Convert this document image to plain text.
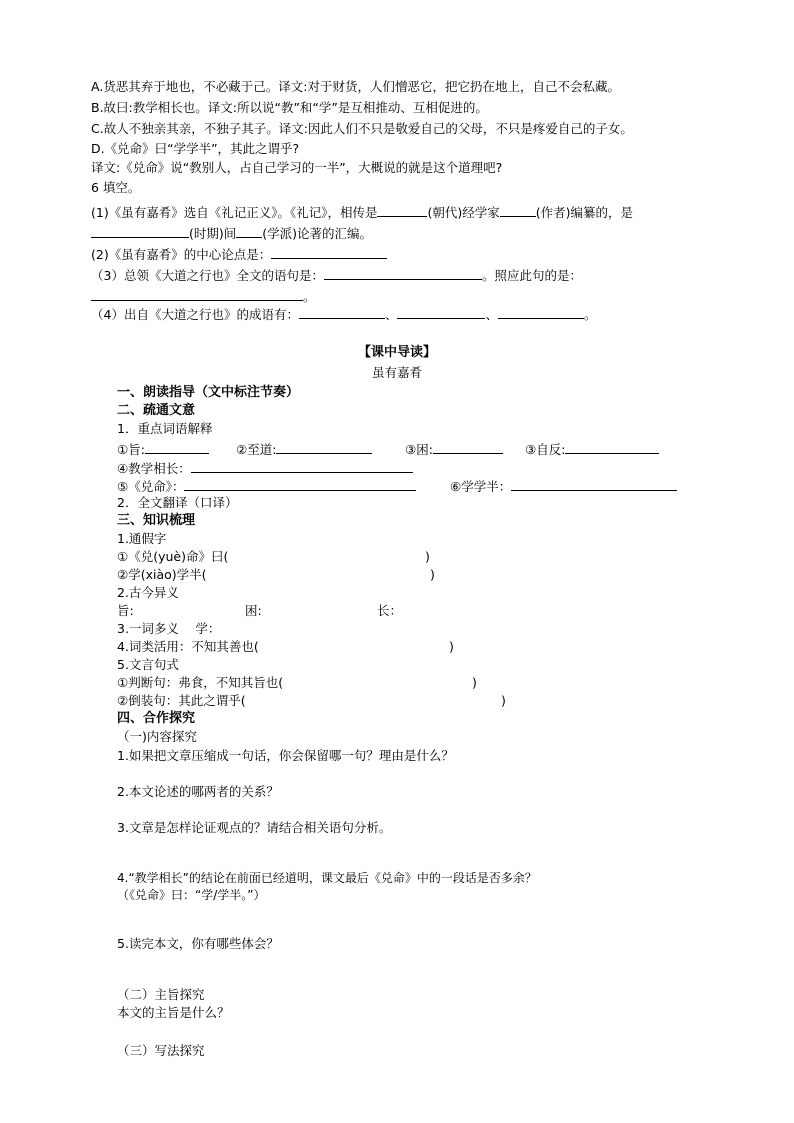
A.货恶其弃于地也，不必藏于己。译文:对于财货，人们憎恶它，把它扔在地上，自己不会私藏。
B.故曰:教学相长也。译文:所以说“教”和“学”是互相推动、互相促进的。
C.故人不独亲其亲，不独子其子。译文:因此人们不只是敬爱自己的父母，不只是疼爱自己的子女。
D.《兑命》曰“学学半”，其此之谓乎?
译文:《兑命》说“教别人，占自己学习的一半”，大概说的就是这个道理吧?
6 填空。
(1)《虽有嘉肴》选自《礼记正义》。《礼记》，相传是	(朝代)经学家	(作者)编纂的，是
(时期)间 (学派)论著的汇编。
(2)《虽有嘉肴》的中心论点是：
（3）总领《大道之行也》全文的语句是：	。照应此句的是：
。
（4）出自《大道之行也》的成语有：	、	、	。
【课中导读】
虽有嘉肴
一、朗读指导（文中标注节奏）
二、疏通文意
1．重点词语解释
①旨:	②至道:	③困:	③自反:
④教学相长：
⑤《兑命》：	⑥学学半：
2．全文翻译（口译）
三、知识梳理
1.通假字
①《兑(yuè)命》曰(	)
②学(xiào)学半(	)
2.古今异义
旨:	困:	长：
3.一词多义　 学：
4.词类活用：不知其善也(	)
5.文言句式
①判断句：弗食，不知其旨也(	)
②倒装句：其此之谓乎(	)
四、合作探究
（一)内容探究
1.如果把文章压缩成一句话，你会保留哪一句？理由是什么？
2.本文论述的哪两者的关系？
3.文章是怎样论证观点的？请结合相关语句分析。
4.“教学相长”的结论在前面已经道明，课文最后《兑命》中的一段话是否多余？
（《兑命》曰：“学/学半。”）
5.读完本文，你有哪些体会？
（二）主旨探究
本文的主旨是什么？
（三）写法探究
